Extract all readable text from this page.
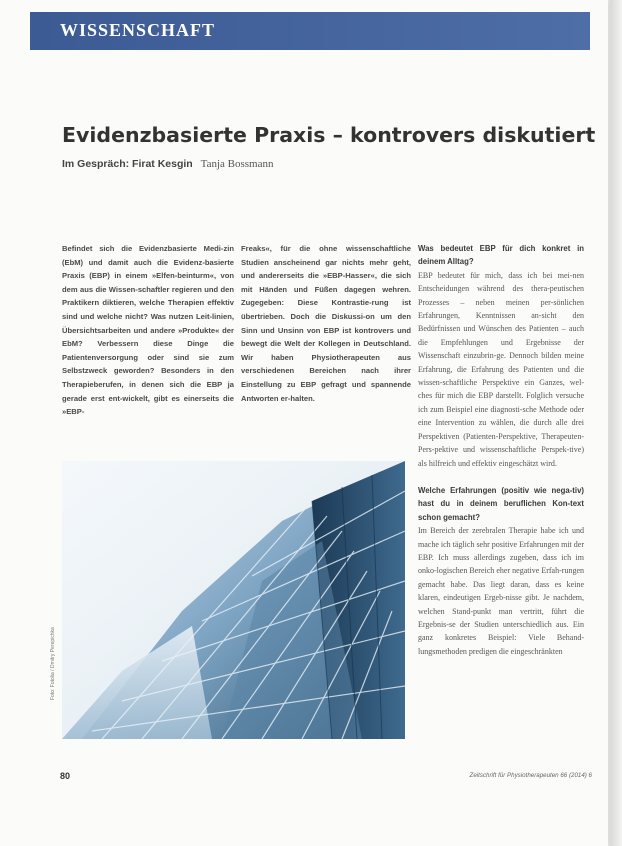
WISSENSCHAFT
Evidenzbasierte Praxis – kontrovers diskutiert
Im Gespräch: Firat Kesgin Tanja Bossmann
Befindet sich die Evidenzbasierte Medi-zin (EbM) und damit auch die Evidenz-basierte Praxis (EBP) in einem »Elfen-beinturm«, von dem aus die Wissen-schaftler regieren und den Praktikern diktieren, welche Therapien effektiv sind und welche nicht? Was nutzen Leit-linien, Übersichtsarbeiten und andere »Produkte« der EbM? Verbessern diese Dinge die Patientenversorgung oder sind sie zum Selbstzweck geworden? Besonders in den Therapieberufen, in denen sich die EBP ja gerade erst ent-wickelt, gibt es einerseits die »EBP-
Freaks«, für die ohne wissenschaftliche Studien anscheinend gar nichts mehr geht, und andererseits die »EBP-Hasser«, die sich mit Händen und Füßen dagegen wehren. Zugegeben: Diese Kontrastie-rung ist übertrieben. Doch die Diskussi-on um den Sinn und Unsinn von EBP ist kontrovers und bewegt die Welt der Kollegen in Deutschland. Wir haben Physiotherapeuten aus verschiedenen Bereichen nach ihrer Einstellung zu EBP gefragt und spannende Antworten er-halten.
Was bedeutet EBP für dich konkret in deinem Alltag?
EBP bedeutet für mich, dass ich bei mei-nen Entscheidungen während des thera-peutischen Prozesses – neben meinen per-sönlichen Erfahrungen, Kenntnissen an-sicht den Bedürfnissen und Wünschen des Patienten – auch die Empfehlungen und Ergebnisse der Wissenschaft einzubrin-ge. Dennoch bilden meine Erfahrung, die Erfahrung des Patienten und die wissen-schaftliche Perspektive ein Ganzes, wel-ches für mich die EBP darstellt. Folglich versuche ich zum Beispiel eine diagnosti-sche Methode oder eine Intervention zu wählen, die durch alle drei Perspektiven (Patienten-Perspektive, Therapeuten-Pers-pektive und wissenschaftliche Perspek-tive) als hilfreich und effektiv eingeschätzt wird.
Welche Erfahrungen (positiv wie nega-tiv) hast du in deinem beruflichen Kon-text schon gemacht?
Im Bereich der zerebralen Therapie habe ich und mache ich täglich sehr positive Erfahrungen mit der EBP. Ich muss allerdings zugeben, dass ich im onko-logischen Bereich eher negative Erfah-rungen gemacht habe. Das liegt daran, dass es keine klaren, eindeutigen Ergeb-nisse gibt. Je nachdem, welchen Stand-punkt man vertritt, führt die Ergebnis-se der Studien unterschiedlich aus. Ein ganz konkretes Beispiel: Viele Behand-lungsmethoden predigen die eingeschränkten
Foto: Fotolia / Dmitry Perepichka
80	Zeitschrift für Physiotherapeuten 66 (2014) 6
